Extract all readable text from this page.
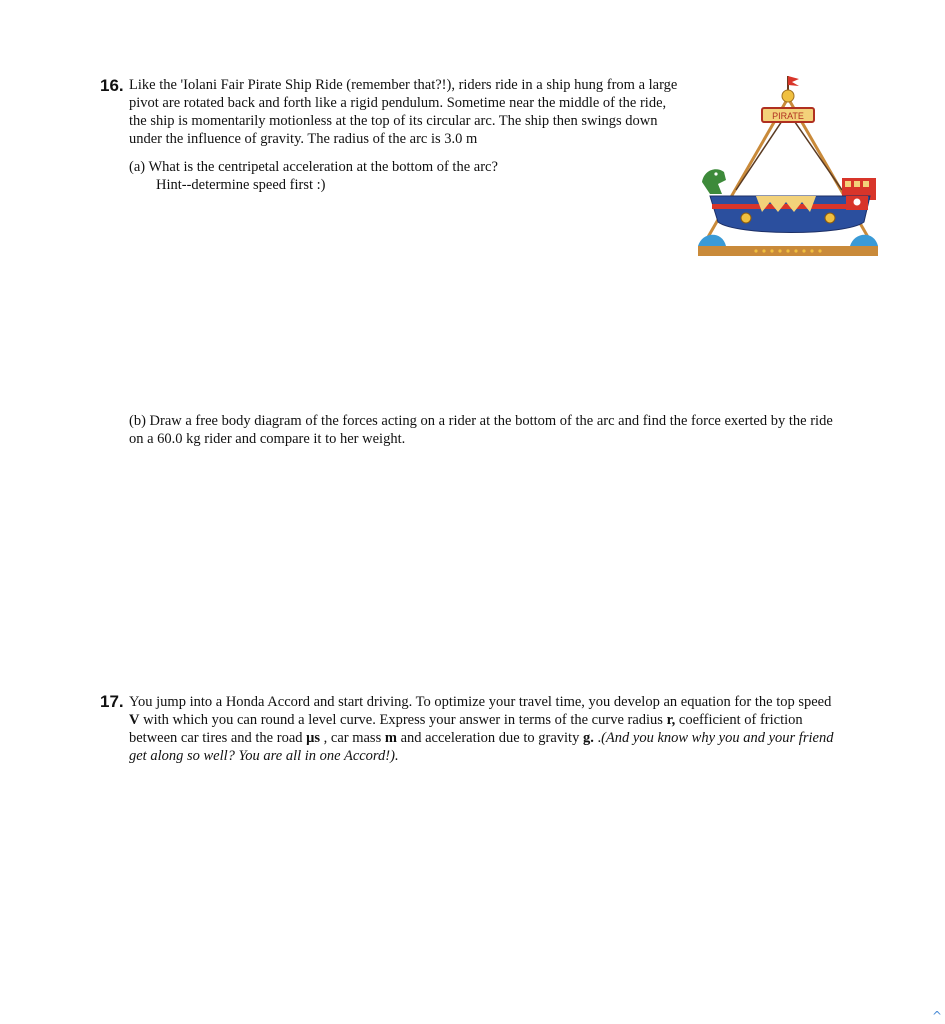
16. Like the 'Iolani Fair Pirate Ship Ride (remember that?!), riders ride in a ship hung from a large pivot are rotated back and forth like a rigid pendulum. Sometime near the middle of the ride, the ship is momentarily motionless at the top of its circular arc. The ship then swings down under the influence of gravity. The radius of the arc is 3.0 m
(a) What is the centripetal acceleration at the bottom of the arc?
Hint--determine speed first :)
PIRATE
(b) Draw a free body diagram of the forces acting on a rider at the bottom of the arc and find the force exerted by the ride on a 60.0 kg rider and compare it to her weight.
17. You jump into a Honda Accord and start driving. To optimize your travel time, you develop an equation for the top speed V with which you can round a level curve. Express your answer in terms of the curve radius r, coefficient of friction between car tires and the road μs , car mass m and acceleration due to gravity g. .(And you know why you and your friend get along so well? You are all in one Accord!).
^
